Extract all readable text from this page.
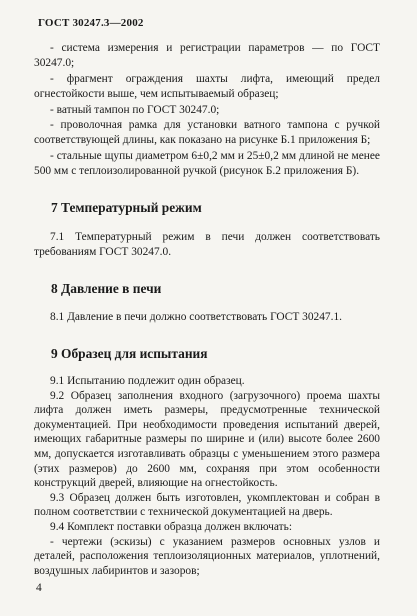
ГОСТ 30247.3—2002

- система измерения и регистрации параметров — по ГОСТ 30247.0;

- фрагмент ограждения шахты лифта, имеющий предел огнестойкости выше, чем испытываемый образец;

- ватный тампон по ГОСТ 30247.0;

- проволочная рамка для установки ватного тампона с ручкой соответствующей длины, как показано на рисунке Б.1 приложения Б;

- стальные щупы диаметром 6±0,2 мм и 25±0,2 мм длиной не менее 500 мм с теплоизолированной ручкой (рисунок Б.2 приложения Б).

7 Температурный режим

7.1 Температурный режим в печи должен соответствовать требованиям ГОСТ 30247.0.

8 Давление в печи

8.1 Давление в печи должно соответствовать ГОСТ 30247.1.

9 Образец для испытания

9.1 Испытанию подлежит один образец.

9.2 Образец заполнения входного (загрузочного) проема шахты лифта должен иметь размеры, предусмотренные технической документацией. При необходимости проведения испытаний дверей, имеющих габаритные размеры по ширине и (или) высоте более 2600 мм, допускается изготавливать образцы с уменьшением этого размера (этих размеров) до 2600 мм, сохраняя при этом особенности конструкций дверей, влияющие на огнестойкость.

9.3 Образец должен быть изготовлен, укомплектован и собран в полном соответствии с технической документацией на дверь.

9.4 Комплект поставки образца должен включать:

- чертежи (эскизы) с указанием размеров основных узлов и деталей, расположения теплоизоляционных материалов, уплотнений, воздушных лабиринтов и зазоров;

4
